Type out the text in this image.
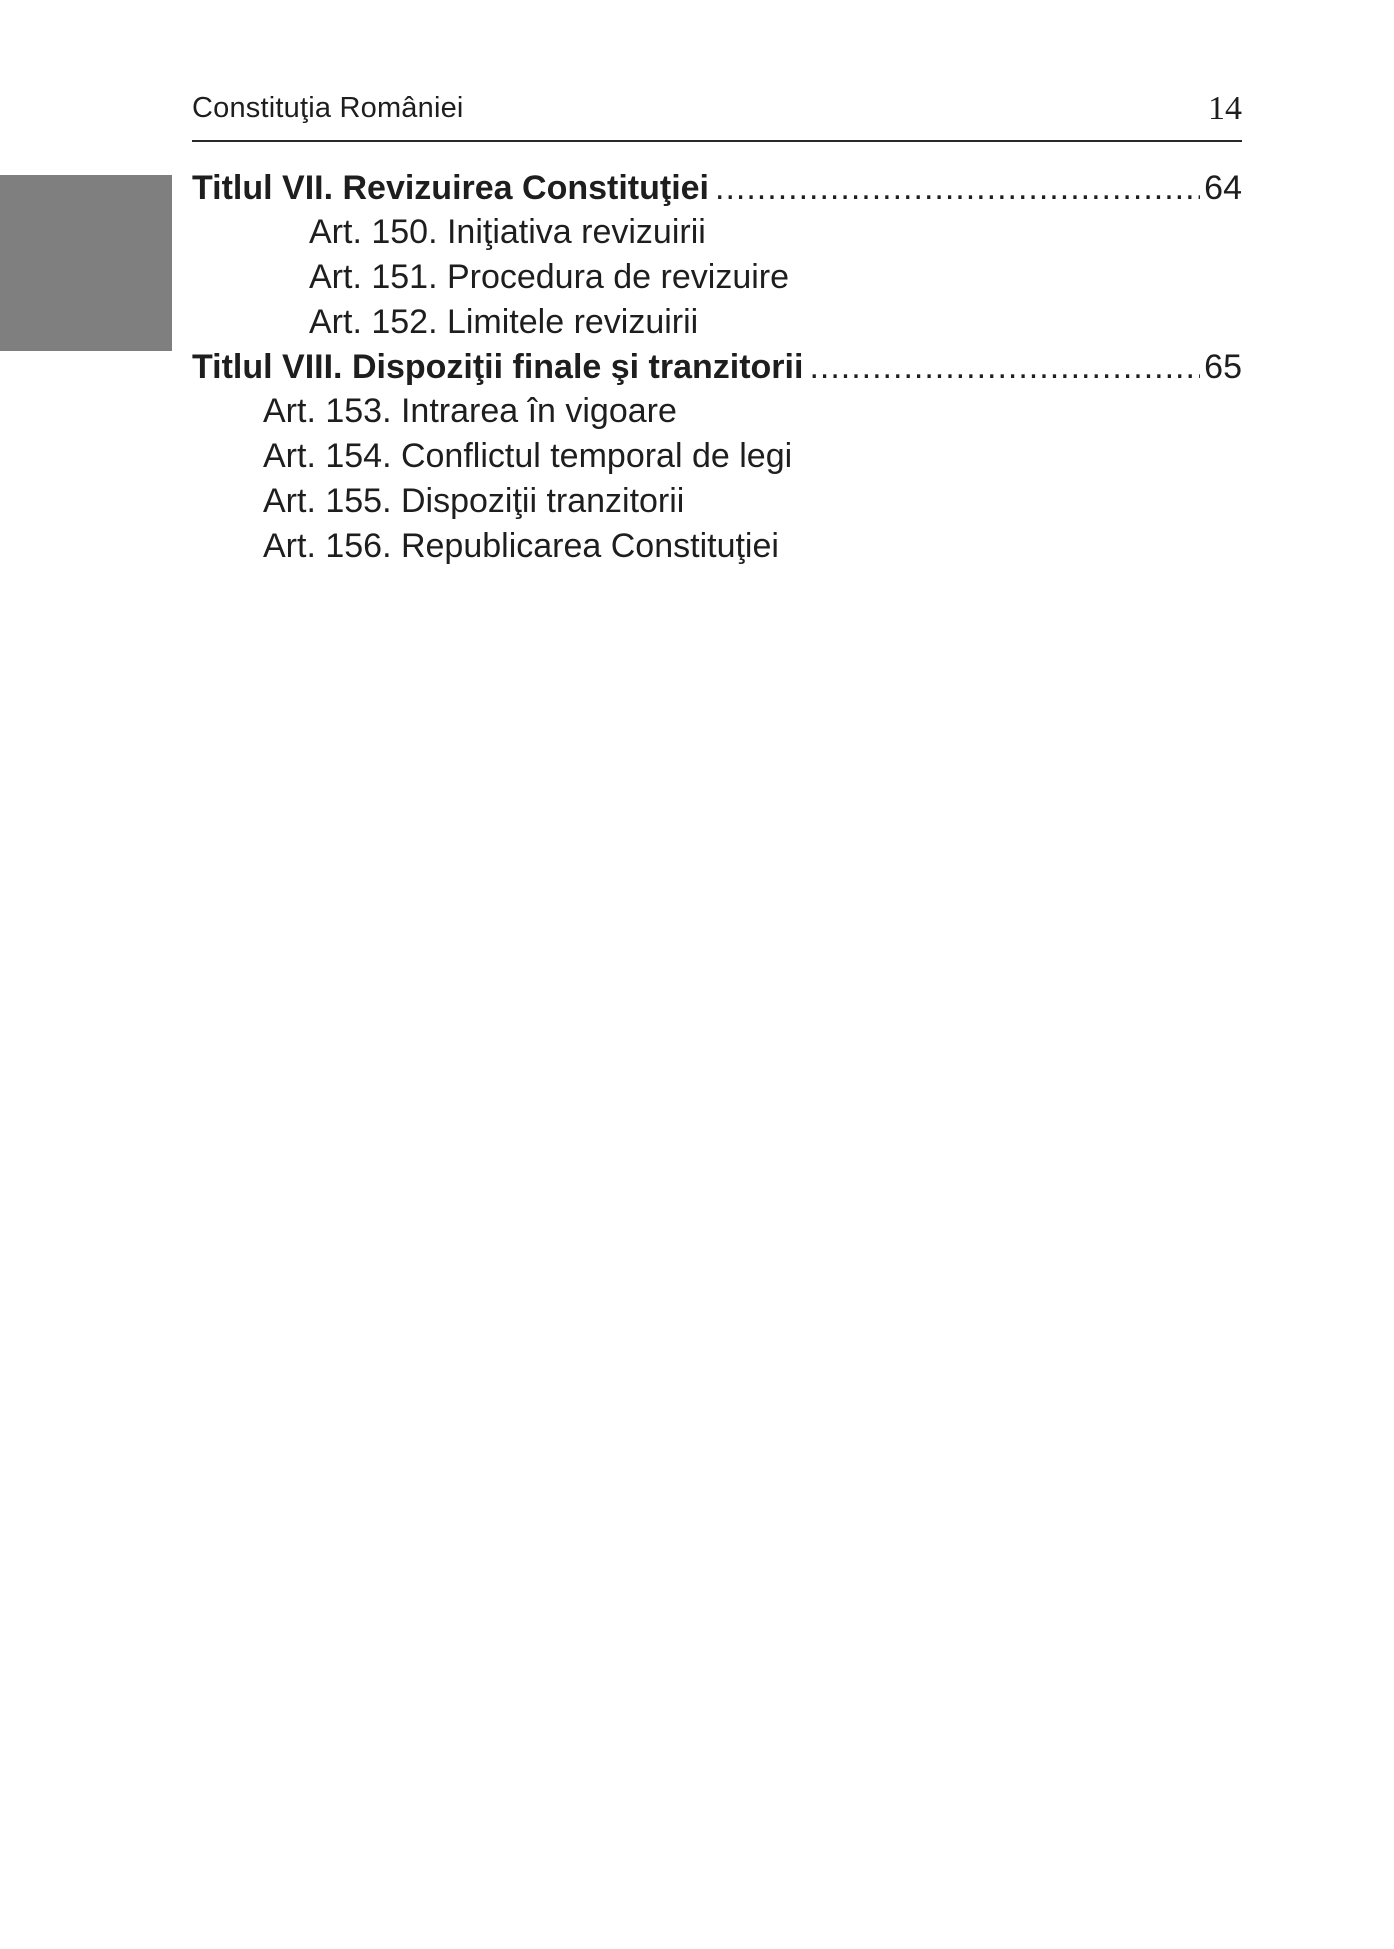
Constituţia României	14
Titlul VII. Revizuirea Constituţiei .....	64
Art. 150. Iniţiativa revizuirii
Art. 151. Procedura de revizuire
Art. 152. Limitele revizuirii
Titlul VIII. Dispoziţii finale şi tranzitorii .....	65
Art. 153. Intrarea în vigoare
Art. 154. Conflictul temporal de legi
Art. 155. Dispoziţii tranzitorii
Art. 156. Republicarea Constituţiei
